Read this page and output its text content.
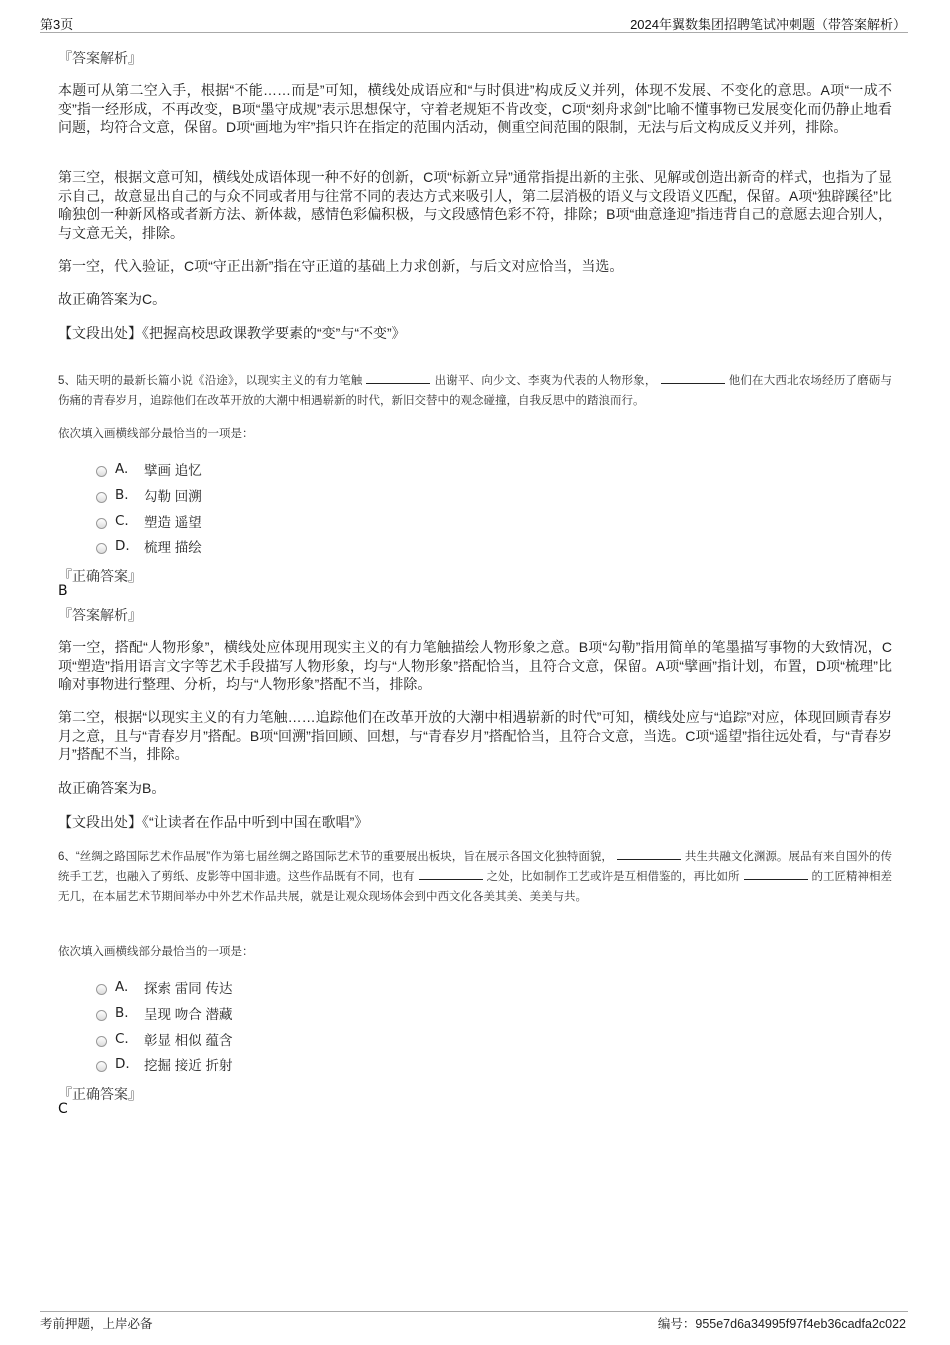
第3页	2024年翼数集团招聘笔试冲刺题（带答案解析）
『答案解析』
本题可从第二空入手，根据“不能……而是”可知，横线处成语应和“与时俱进”构成反义并列，体现不发展、不变化的意思。A项“一成不变”指一经形成，不再改变，B项“墨守成规”表示思想保守，守着老规矩不肯改变，C项“刻舟求剑”比喻不懂事物已发展变化而仍静止地看问题，均符合文意，保留。D项“画地为牢”指只许在指定的范围内活动，侧重空间范围的限制，无法与后文构成反义并列，排除。
第三空，根据文意可知，横线处成语体现一种不好的创新，C项“标新立异”通常指提出新的主张、见解或创造出新奇的样式，也指为了显示自己，故意显出自己的与众不同或者用与往常不同的表达方式来吸引人，第二层消极的语义与文段语义匹配，保留。A项“独辟蹊径”比喻独创一种新风格或者新方法、新体裁，感情色彩偏积极，与文段感情色彩不符，排除；B项“曲意逢迎”指违背自己的意愿去迎合别人，与文意无关，排除。
第一空，代入验证，C项“守正出新”指在守正道的基础上力求创新，与后文对应恰当，当选。
故正确答案为C。
【文段出处】《把握高校思政课教学要素的“变”与“不变”》
5、陆天明的最新长篇小说《沿途》，以现实主义的有力笔触	出谢平、向少文、李爽为代表的人物形象，	他们在大西北农场经历了磨砺与伤痛的青春岁月，追踪他们在改革开放的大潮中相遇崭新的时代，新旧交替中的观念碰撞，自我反思中的踏浪而行。
依次填入画横线部分最恰当的一项是：
A.	擘画 追忆
B.	勾勒 回溯
C.	塑造 遥望
D.	梳理 描绘
『正确答案』
B
『答案解析』
第一空，搭配“人物形象”，横线处应体现用现实主义的有力笔触描绘人物形象之意。B项“勾勒”指用简单的笔墨描写事物的大致情况，C项“塑造”指用语言文字等艺术手段描写人物形象，均与“人物形象”搭配恰当，且符合文意，保留。A项“擘画”指计划，布置，D项“梳理”比喻对事物进行整理、分析，均与“人物形象”搭配不当，排除。
第二空，根据“以现实主义的有力笔触……追踪他们在改革开放的大潮中相遇崭新的时代”可知，横线处应与“追踪”对应，体现回顾青春岁月之意，且与“青春岁月”搭配。B项“回溯”指回顾、回想，与“青春岁月”搭配恰当，且符合文意，当选。C项“遥望”指往远处看，与“青春岁月”搭配不当，排除。
故正确答案为B。
【文段出处】《“让读者在作品中听到中国在歌唱”》
6、“丝绸之路国际艺术作品展”作为第七届丝绸之路国际艺术节的重要展出板块，旨在展示各国文化独特面貌，	共生共融文化渊源。展品有来自国外的传统手工艺，也融入了剪纸、皮影等中国非遗。这些作品既有不同，也有	之处，比如制作工艺或许是互相借鉴的，再比如所	的工匠精神相差无几，在本届艺术节期间举办中外艺术作品共展，就是让观众现场体会到中西文化各美其美、美美与共。
依次填入画横线部分最恰当的一项是：
A.	探索 雷同 传达
B.	呈现 吻合 潜藏
C.	彰显 相似 蕴含
D.	挖掘 接近 折射
『正确答案』
C
考前押题，上岸必备	编号：955e7d6a34995f97f4eb36cadfa2c022
